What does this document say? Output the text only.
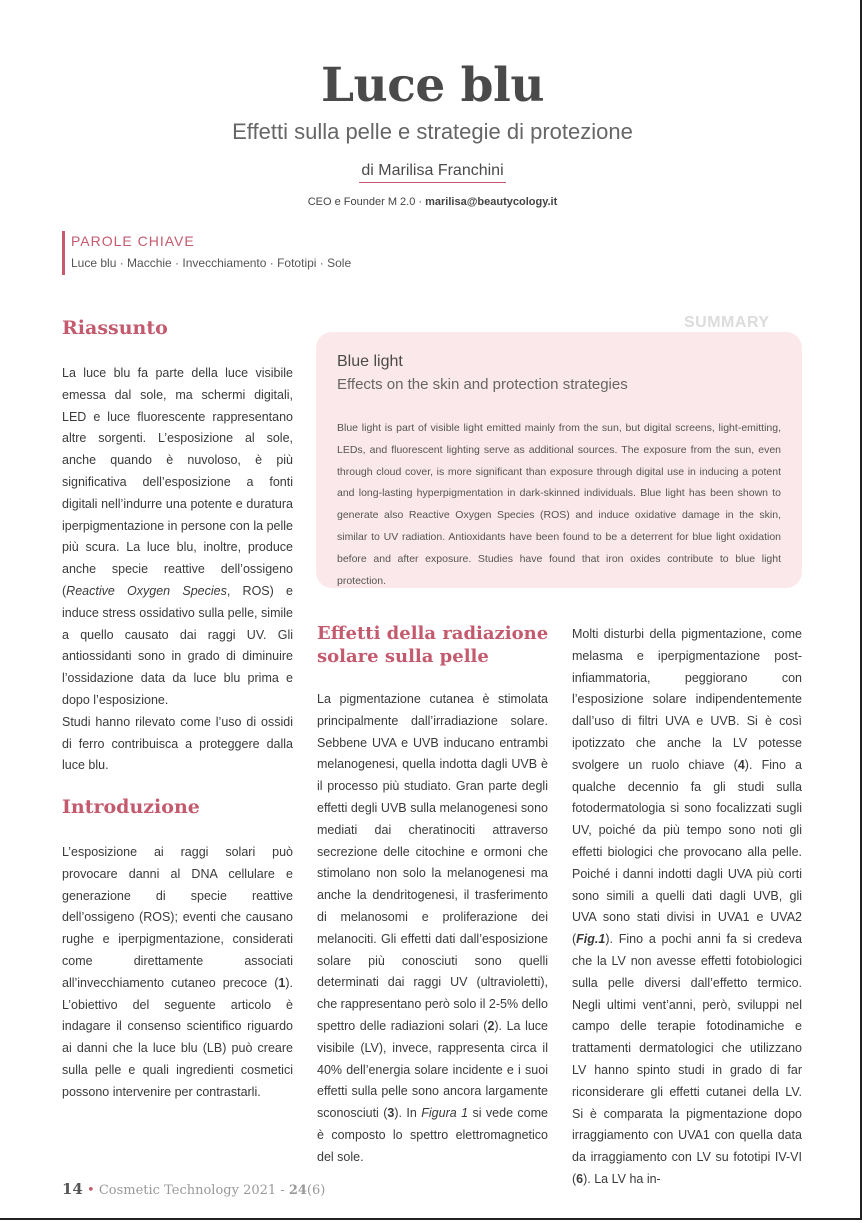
Luce blu
Effetti sulla pelle e strategie di protezione
di Marilisa Franchini
CEO e Founder M 2.0 · marilisa@beautycology.it
PAROLE CHIAVE
Luce blu · Macchie · Invecchiamento · Fototipi · Sole
Riassunto

La luce blu fa parte della luce visibile emessa dal sole, ma schermi digitali, LED e luce fluorescente rappresentano altre sorgenti. L’esposizione al sole, anche quando è nuvoloso, è più significativa dell’esposizione a fonti digitali nell’indurre una potente e duratura iperpigmentazione in persone con la pelle più scura. La luce blu, inoltre, produce anche specie reattive dell’ossigeno (Reactive Oxygen Species, ROS) e induce stress ossidativo sulla pelle, simile a quello causato dai raggi UV. Gli antiossidanti sono in grado di diminuire l’ossidazione data da luce blu prima e dopo l’esposizione.
Studi hanno rilevato come l’uso di ossidi di ferro contribuisca a proteggere dalla luce blu.

Introduzione

L’esposizione ai raggi solari può provocare danni al DNA cellulare e generazione di specie reattive dell’ossigeno (ROS); eventi che causano rughe e iperpigmentazione, considerati come direttamente associati all’invecchiamento cutaneo precoce (1). L’obiettivo del seguente articolo è indagare il consenso scientifico riguardo ai danni che la luce blu (LB) può creare sulla pelle e quali ingredienti cosmetici possono intervenire per contrastarli.

SUMMARY
Blue light
Effects on the skin and protection strategies

Blue light is part of visible light emitted mainly from the sun, but digital screens, light-emitting, LEDs, and fluorescent lighting serve as additional sources. The exposure from the sun, even through cloud cover, is more significant than exposure through digital use in inducing a potent and long-lasting hyperpigmentation in dark-skinned individuals. Blue light has been shown to generate also Reactive Oxygen Species (ROS) and induce oxidative damage in the skin, similar to UV radiation. Antioxidants have been found to be a deterrent for blue light oxidation before and after exposure. Studies have found that iron oxides contribute to blue light protection.

Effetti della radiazione solare sulla pelle

La pigmentazione cutanea è stimolata principalmente dall’irradiazione solare. Sebbene UVA e UVB inducano entrambi melanogenesi, quella indotta dagli UVB è il processo più studiato. Gran parte degli effetti degli UVB sulla melanogenesi sono mediati dai cheratinociti attraverso secrezione delle citochine e ormoni che stimolano non solo la melanogenesi ma anche la dendritogenesi, il trasferimento di melanosomi e proliferazione dei melanociti. Gli effetti dati dall’esposizione solare più conosciuti sono quelli determinati dai raggi UV (ultravioletti), che rappresentano però solo il 2-5% dello spettro delle radiazioni solari (2). La luce visibile (LV), invece, rappresenta circa il 40% dell’energia solare incidente e i suoi effetti sulla pelle sono ancora largamente sconosciuti (3). In Figura 1 si vede come è composto lo spettro elettromagnetico del sole.

Molti disturbi della pigmentazione, come melasma e iperpigmentazione post-infiammatoria, peggiorano con l’esposizione solare indipendentemente dall’uso di filtri UVA e UVB. Si è così ipotizzato che anche la LV potesse svolgere un ruolo chiave (4). Fino a qualche decennio fa gli studi sulla fotodermatologia si sono focalizzati sugli UV, poiché da più tempo sono noti gli effetti biologici che provocano alla pelle. Poiché i danni indotti dagli UVA più corti sono simili a quelli dati dagli UVB, gli UVA sono stati divisi in UVA1 e UVA2 (Fig.1). Fino a pochi anni fa si credeva che la LV non avesse effetti fotobiologici sulla pelle diversi dall’effetto termico. Negli ultimi vent’anni, però, sviluppi nel campo delle terapie fotodinamiche e trattamenti dermatologici che utilizzano LV hanno spinto studi in grado di far riconsiderare gli effetti cutanei della LV. Si è comparata la pigmentazione dopo irraggiamento con UVA1 con quella data da irraggiamento con LV su fototipi IV-VI (6). La LV ha in-

14 • Cosmetic Technology 2021 - 24(6)
